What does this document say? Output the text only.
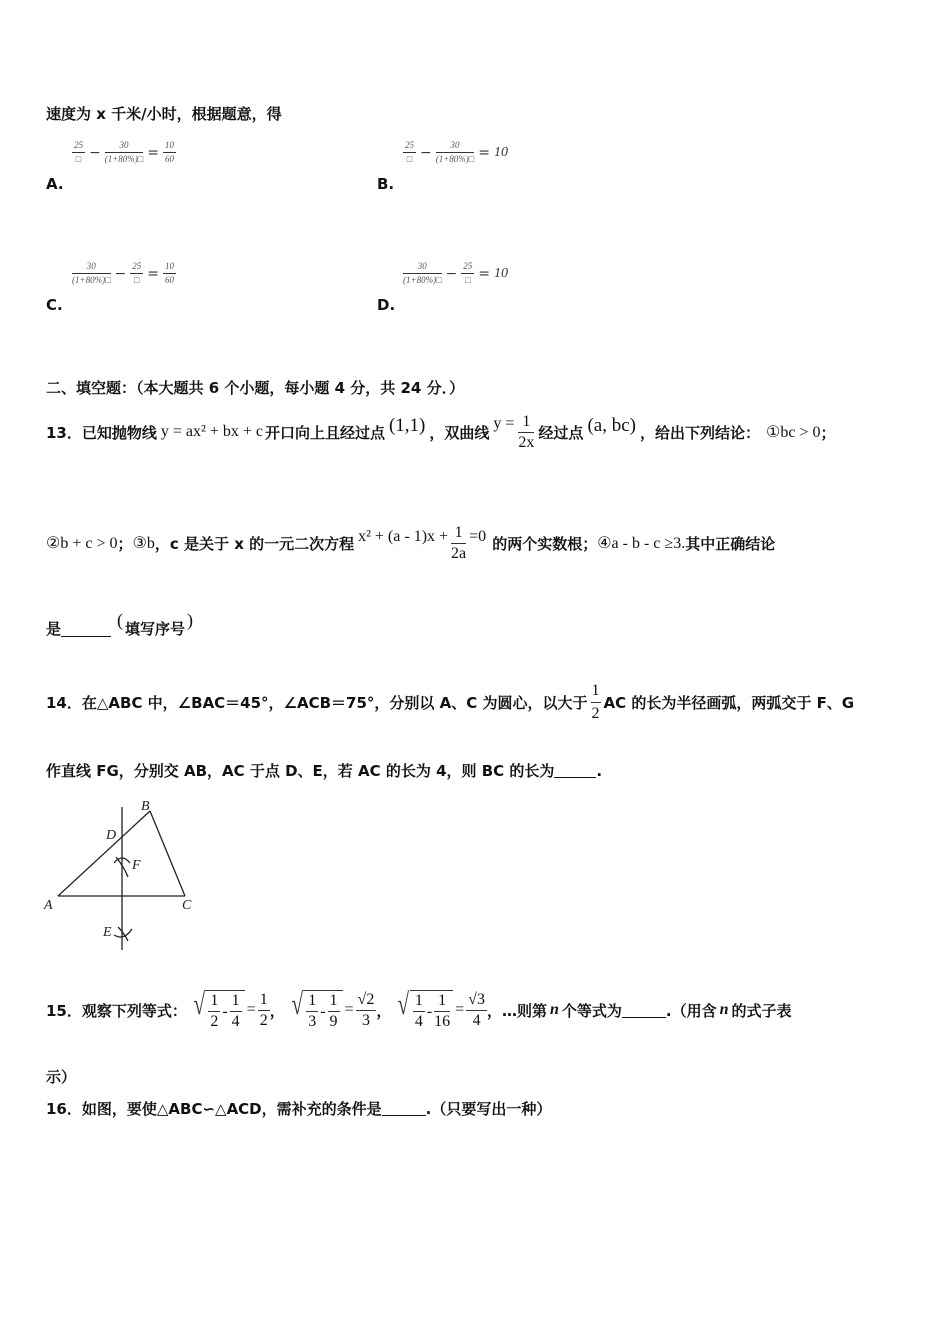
速度为 x 千米/小时，根据题意，得
$\frac{25}{□} - \frac{30}{(1+80\%)□} = \frac{10}{60}$
A.
$\frac{25}{□} - \frac{30}{(1+80\%)□} = 10$
B.
$\frac{30}{(1+80\%)□} - \frac{25}{□} = \frac{10}{60}$
C.
$\frac{30}{(1+80\%)□} - \frac{25}{□} = 10$
D.
二、填空题：（本大题共 6 个小题，每小题 4 分，共 24 分．）
13．已知抛物线 y = ax² + bx + c 开口向上且经过点 (1,1) ，双曲线 $y = \frac{1}{2x}$ 经过点 (a, bc) ，给出下列结论： ①bc > 0 ；
②b + c > 0 ； ③b ，c 是关于 x 的一元二次方程 $x^2 + (a - 1)x + \frac{1}{2a} =0$ 的两个实数根； ④a - b - c ≥3. 其中正确结论
是	( 填写序号 )
14．在△ABC 中，∠BAC＝45°，∠ACB＝75°，分别以 A、C 为圆心，以大于 $\frac{1}{2}$ AC 的长为半径画弧，两弧交于 F、G
作直线 FG，分别交 AB，AC 于点 D、E，若 AC 的长为 4，则 BC 的长为	.
B
D
F
A	C
E
15．观察下列等式： √ $\frac{1}{2} - \frac{1}{4} = \frac{1}{2}$ ， √ $\frac{1}{3} - \frac{1}{9} = \frac{√2}{3}$ ， √ $\frac{1}{4} - \frac{1}{16} = \frac{√3}{4}$ ，…则第 n 个等式为	.（用含 n 的式子表
示）
16．如图，要使△ABC∽△ACD，需补充的条件是	.（只要写出一种）
